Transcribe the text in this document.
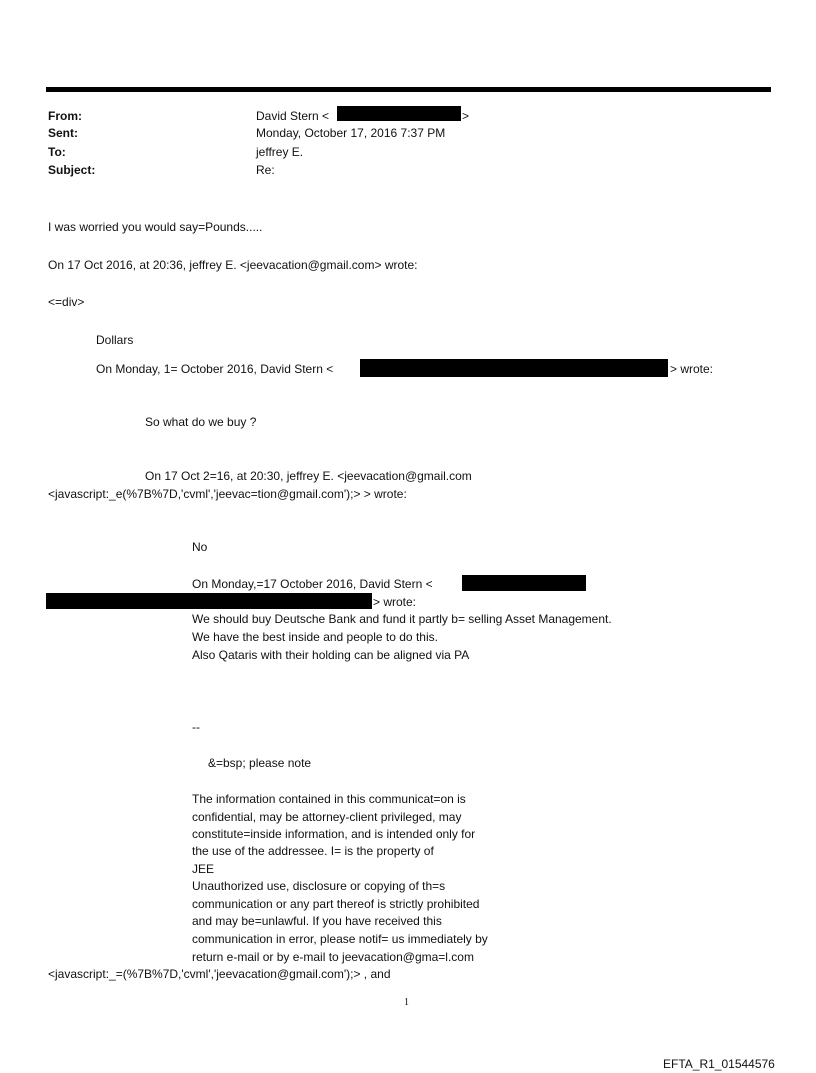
From:
Sent:
To:
Subject:
David Stern <	>
Monday, October 17, 2016 7:37 PM
jeffrey E.
Re:
I was worried you would say=Pounds.....
On 17 Oct 2016, at 20:36, jeffrey E. <jeevacation@gmail.com> wrote:
<=div>
Dollars
On Monday, 1= October 2016, David Stern <	> wrote:
So what do we buy ?
On 17 Oct 2=16, at 20:30, jeffrey E. <jeevacation@gmail.com
<javascript:_e(%7B%7D,'cvml','jeevac=tion@gmail.com');> > wrote:
No
On Monday,=17 October 2016, David Stern <
> wrote:
We should buy Deutsche Bank and fund it partly b= selling Asset Management.
We have the best inside and people to do this.
Also Qataris with their holding can be aligned via PA
--
&=bsp; please note
The information contained in this communicat=on is
confidential, may be attorney-client privileged, may
constitute=inside information, and is intended only for
the use of the addressee. I= is the property of
JEE
Unauthorized use, disclosure or copying of th=s
communication or any part thereof is strictly prohibited
and may be=unlawful. If you have received this
communication in error, please notif= us immediately by
return e-mail or by e-mail to jeevacation@gma=l.com
<javascript:_=(%7B%7D,'cvml','jeevacation@gmail.com');> , and
1
EFTA_R1_01544576
